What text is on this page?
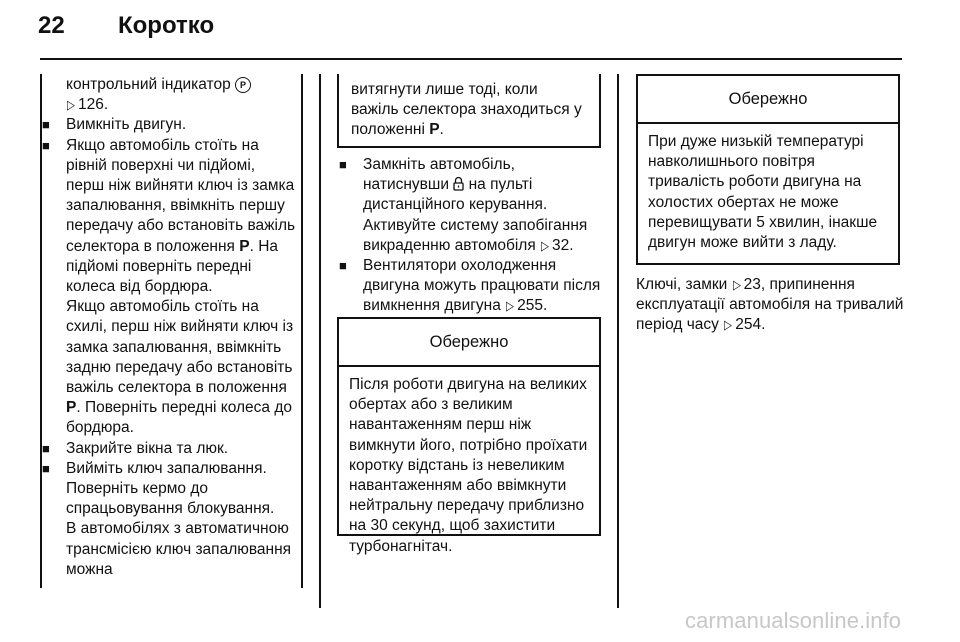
22 Коротко

контрольний індикатор P
▷ 126.

■ Вимкніть двигун.

■ Якщо автомобіль стоїть на рівній поверхні чи підйомі, перш ніж вийняти ключ із замка запалювання, ввімкніть першу передачу або встановіть важіль селектора в положення P. На підйомі поверніть передні колеса від бордюра.

Якщо автомобіль стоїть на схилі, перш ніж вийняти ключ із замка запалювання, ввімкніть задню передачу або встановіть важіль селектора в положення P. Поверніть передні колеса до бордюра.

■ Закрийте вікна та люк.

■ Вийміть ключ запалювання. Поверніть кермо до спрацьовування блокування.

В автомобілях з автоматичною трансмісією ключ запалювання можна

витягнути лише тоді, коли важіль селектора знаходиться у положенні P.

■ Замкніть автомобіль, натиснувши на пульті дистанційного керування.

Активуйте систему запобігання викраденню автомобіля ▷ 32.

■ Вентилятори охолодження двигуна можуть працювати після вимкнення двигуна ▷ 255.

Обережно
Після роботи двигуна на великих обертах або з великим навантаженням перш ніж вимкнути його, потрібно проїхати коротку відстань із невеликим навантаженням або ввімкнути нейтральну передачу приблизно на 30 секунд, щоб захистити турбонагнітач.
Обережно
При дуже низькій температурі навколишнього повітря тривалість роботи двигуна на холостих обертах не може перевищувати 5 хвилин, інакше двигун може вийти з ладу.

Ключі, замки ▷ 23, припинення експлуатації автомобіля на тривалий період часу ▷ 254.

carmanualsonline.info
